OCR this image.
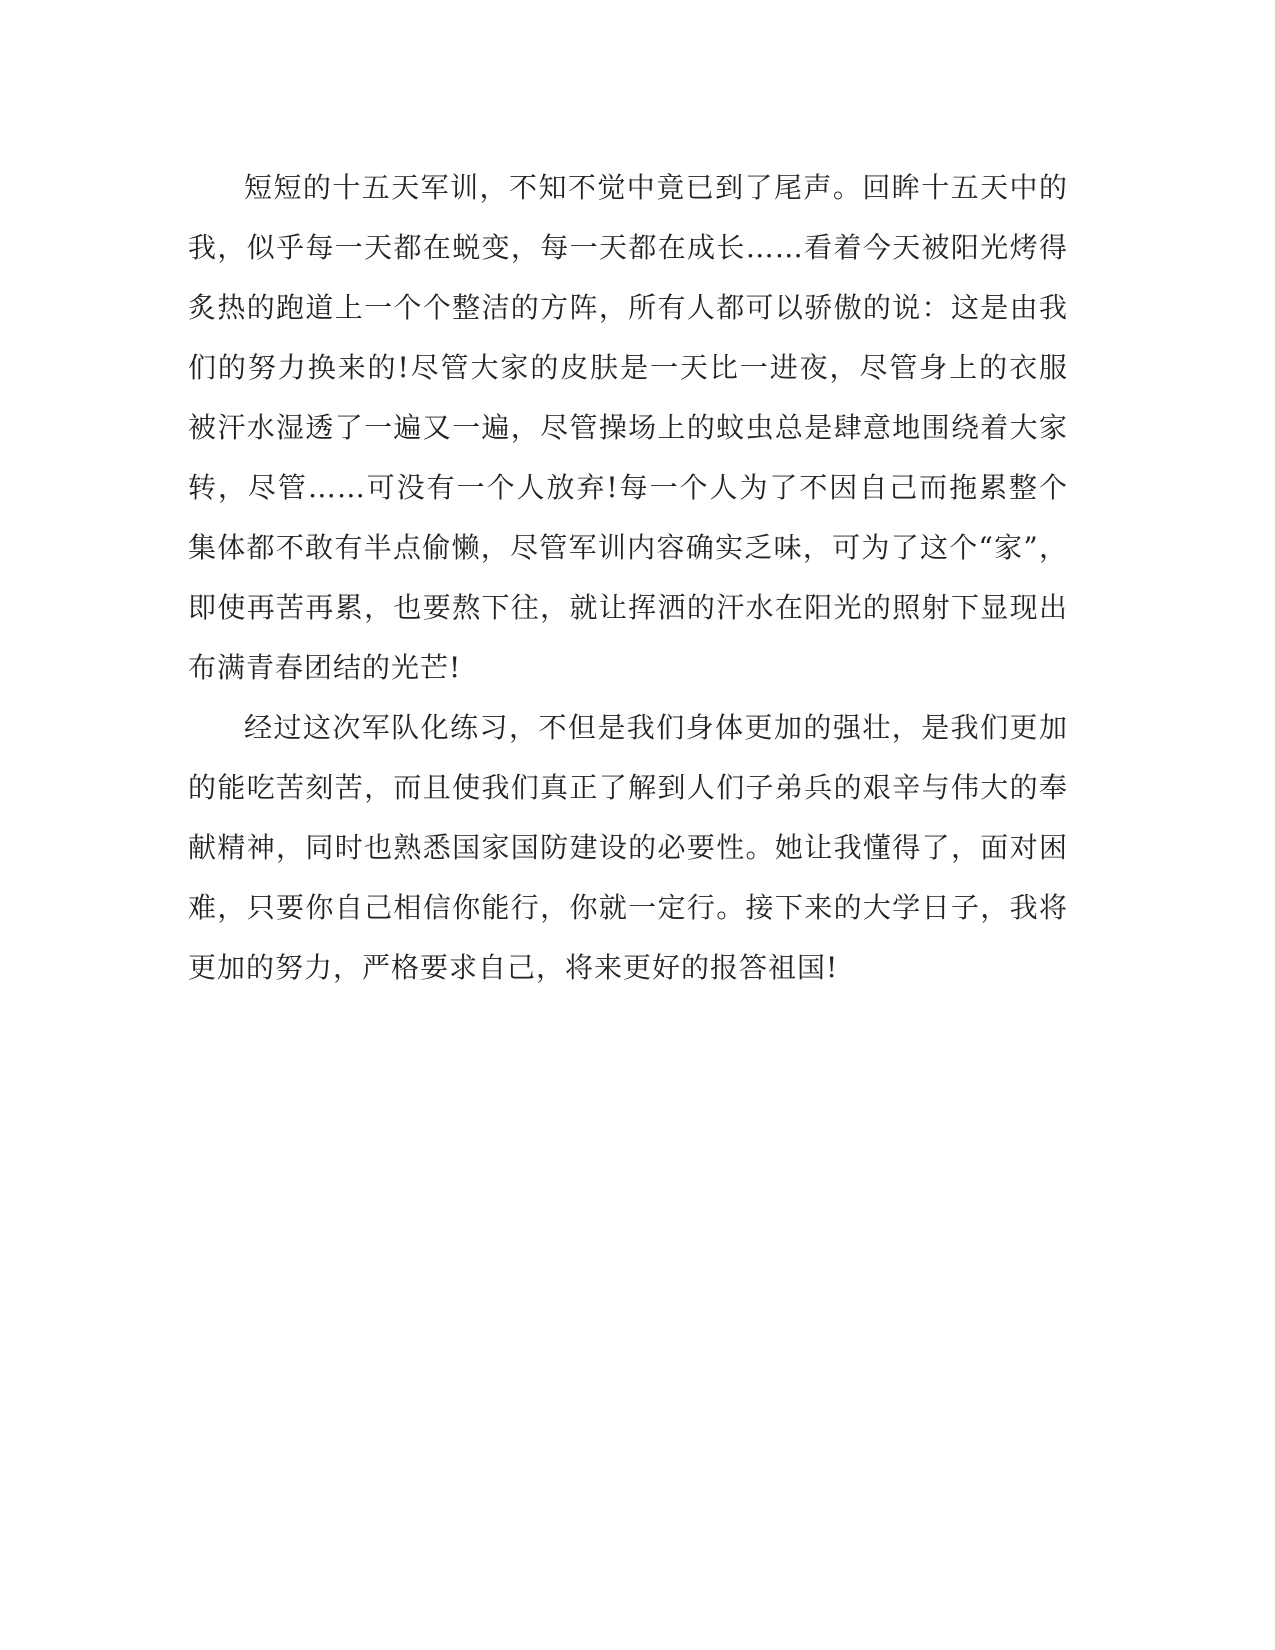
短短的十五天军训，不知不觉中竟已到了尾声。回眸十五天中的我，似乎每一天都在蜕变，每一天都在成长……看着今天被阳光烤得炙热的跑道上一个个整洁的方阵，所有人都可以骄傲的说：这是由我们的努力换来的!尽管大家的皮肤是一天比一进夜，尽管身上的衣服被汗水湿透了一遍又一遍，尽管操场上的蚊虫总是肆意地围绕着大家转，尽管……可没有一个人放弃!每一个人为了不因自己而拖累整个集体都不敢有半点偷懒，尽管军训内容确实乏味，可为了这个“家”，即使再苦再累，也要熬下往，就让挥洒的汗水在阳光的照射下显现出布满青春团结的光芒!

经过这次军队化练习，不但是我们身体更加的强壮，是我们更加的能吃苦刻苦，而且使我们真正了解到人们子弟兵的艰辛与伟大的奉献精神，同时也熟悉国家国防建设的必要性。她让我懂得了，面对困难，只要你自己相信你能行，你就一定行。接下来的大学日子，我将更加的努力，严格要求自己，将来更好的报答祖国!
